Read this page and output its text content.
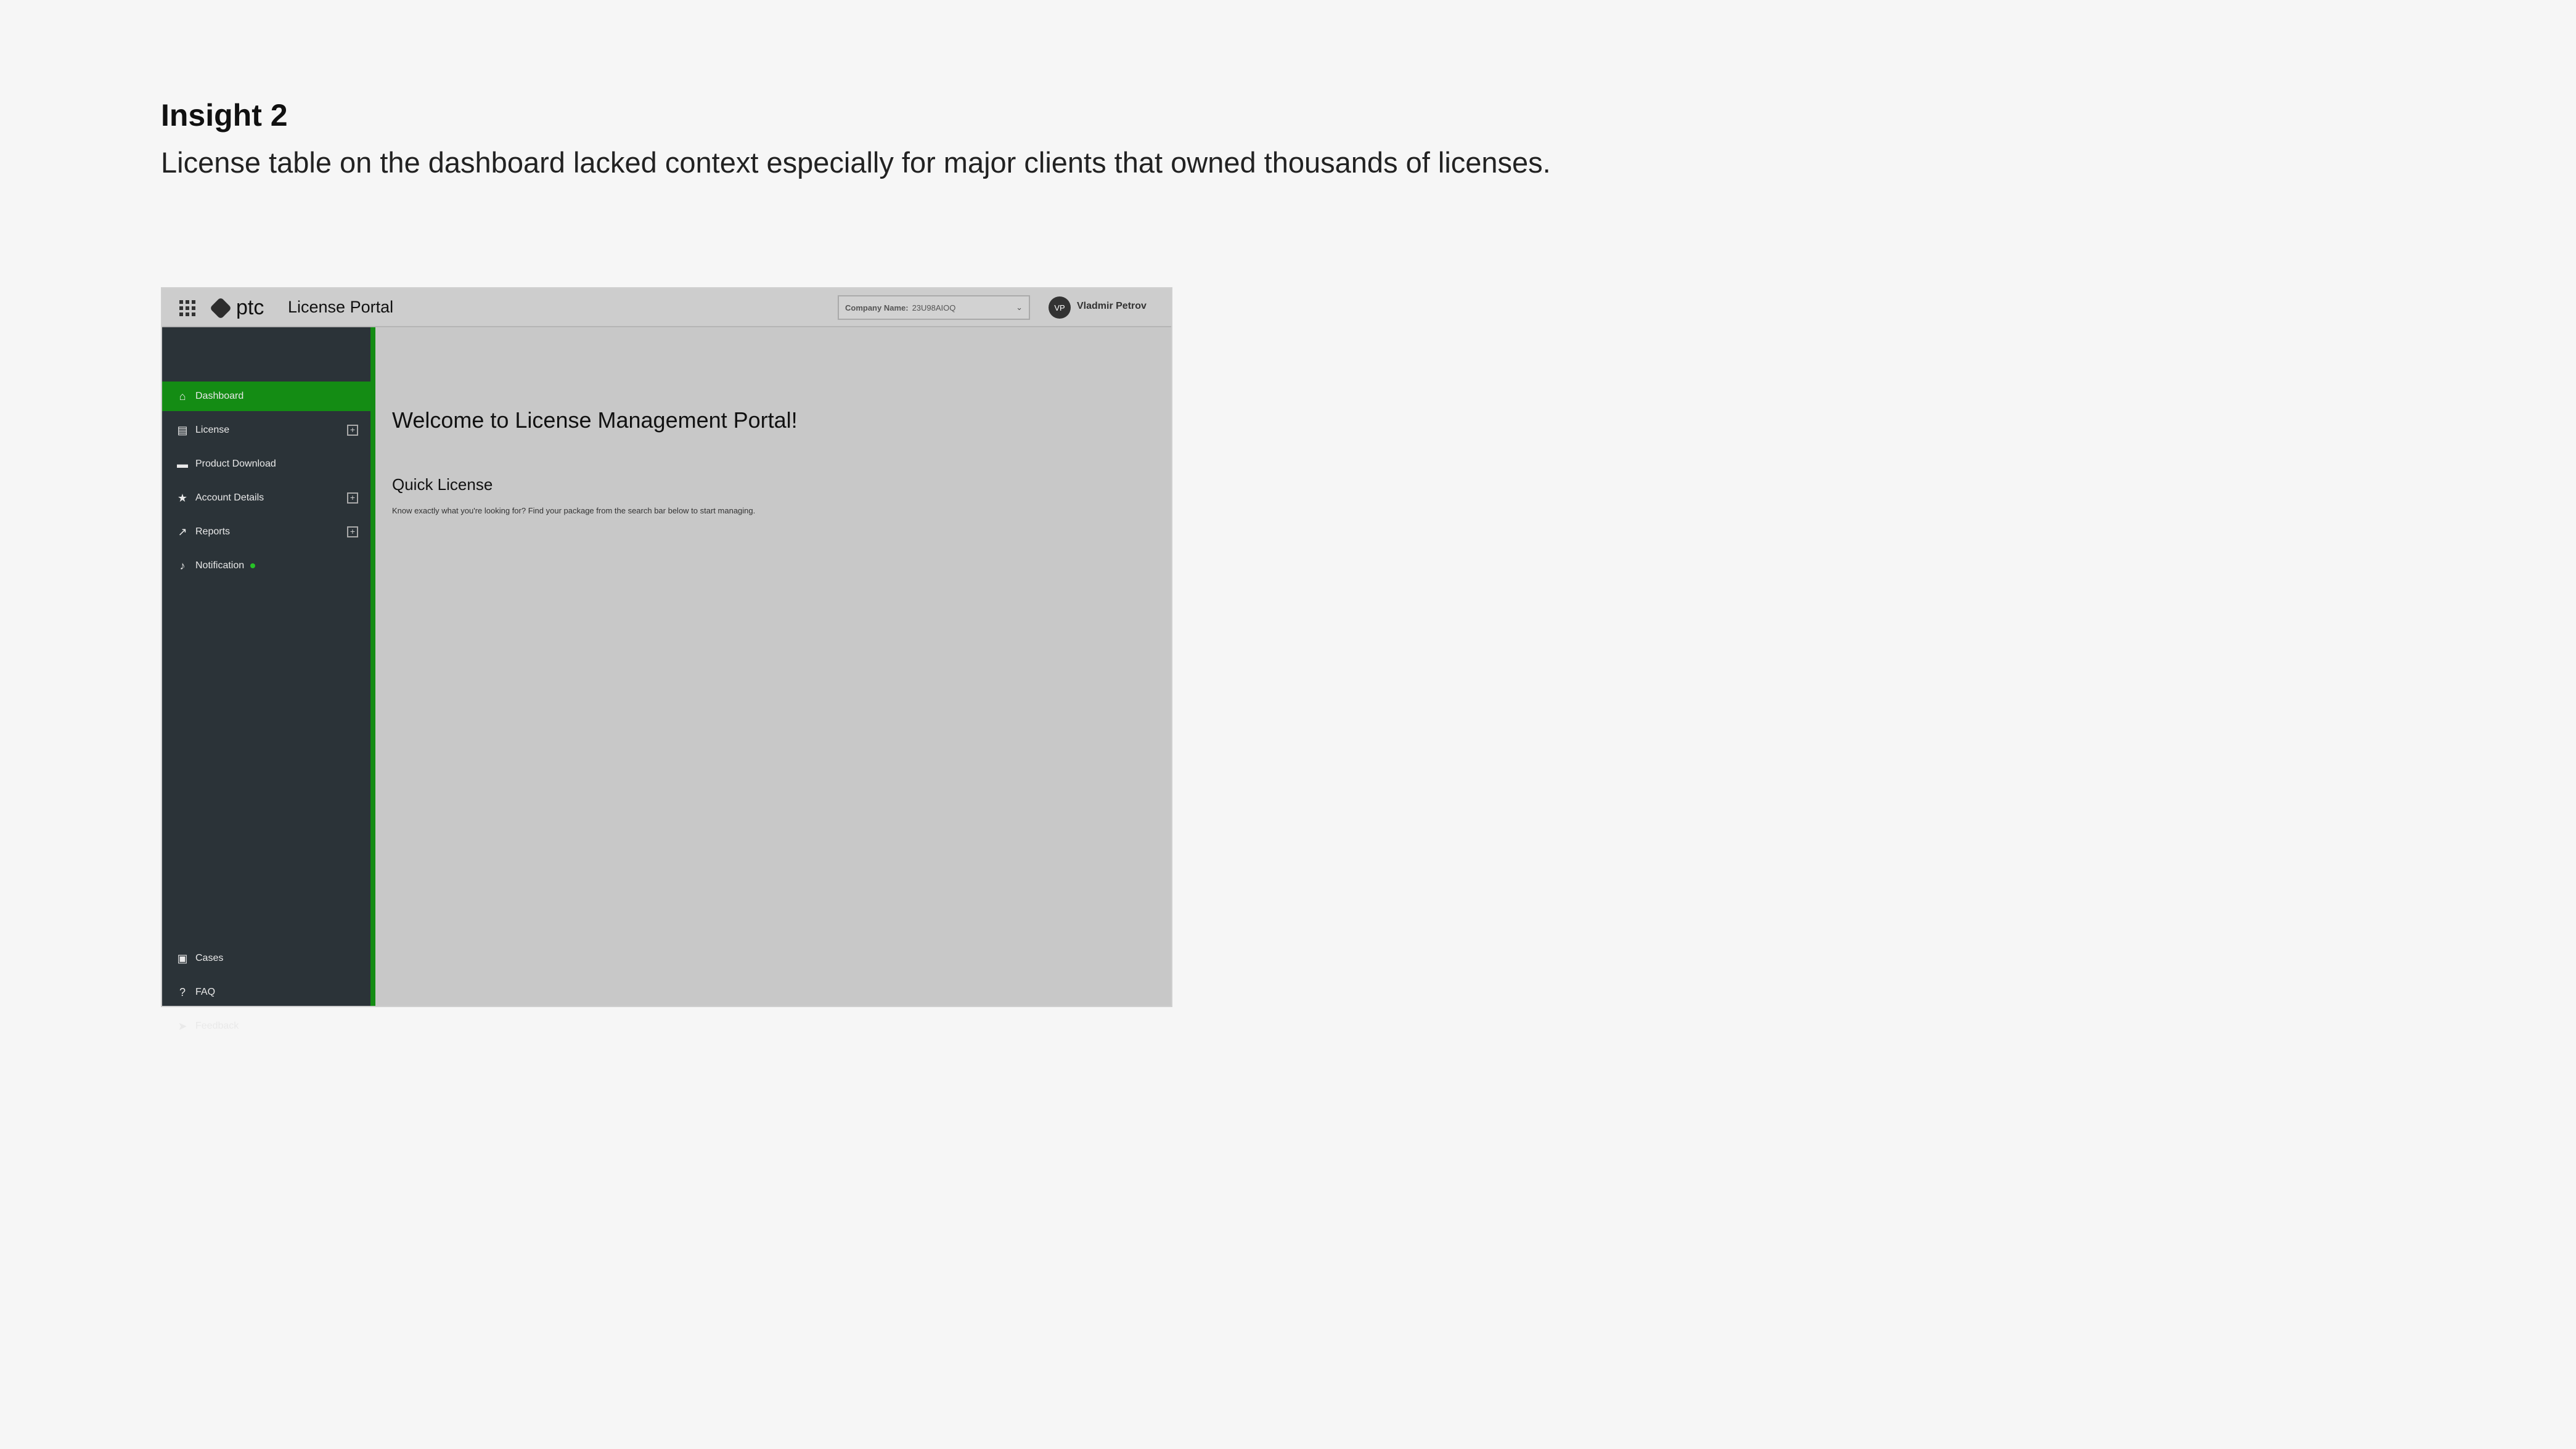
Insight 2
License table on the dashboard lacked context especially for major clients that owned thousands of licenses.
ptc License Portal	Company Name: 23U98AIOQ	⌄	VP	Vladmir Petrov
⌂ Dashboard
▤ License	+
▬ Product Download
★ Account Details	+
↗ Reports	+
♪	Notification
▣ Cases
?	FAQ
➤ Feedback
Welcome to License Management Portal!
Quick License
Know exactly what you're looking for? Find your package from the search bar below to start managing.
